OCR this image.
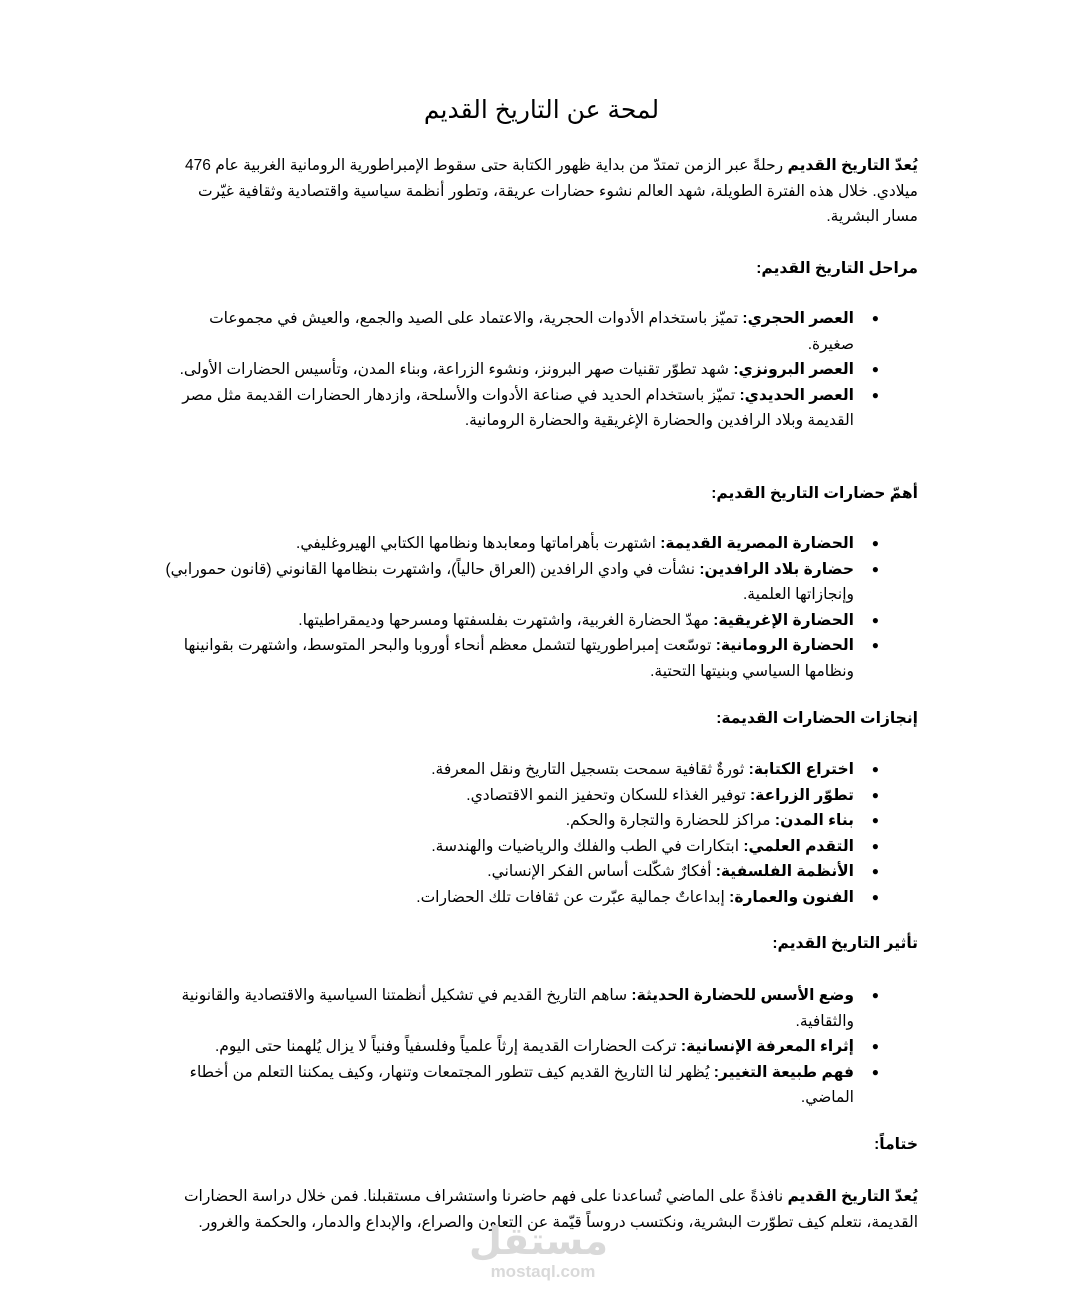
لمحة عن التاريخ القديم

يُعدّ التاريخ القديم رحلةً عبر الزمن تمتدّ من بداية ظهور الكتابة حتى سقوط الإمبراطورية الرومانية الغربية عام 476 ميلادي. خلال هذه الفترة الطويلة، شهد العالم نشوء حضارات عريقة، وتطور أنظمة سياسية واقتصادية وثقافية غيّرت مسار البشرية.

مراحل التاريخ القديم:
●
العصر الحجري: تميّز باستخدام الأدوات الحجرية، والاعتماد على الصيد والجمع، والعيش في مجموعات صغيرة.
●
العصر البرونزي: شهد تطوّر تقنيات صهر البرونز، ونشوء الزراعة، وبناء المدن، وتأسيس الحضارات الأولى.
●
العصر الحديدي: تميّز باستخدام الحديد في صناعة الأدوات والأسلحة، وازدهار الحضارات القديمة مثل مصر القديمة وبلاد الرافدين والحضارة الإغريقية والحضارة الرومانية.
أهمّ حضارات التاريخ القديم:
●
الحضارة المصرية القديمة: اشتهرت بأهراماتها ومعابدها ونظامها الكتابي الهيروغليفي.
●
حضارة بلاد الرافدين: نشأت في وادي الرافدين (العراق حالياً)، واشتهرت بنظامها القانوني (قانون حمورابي) وإنجازاتها العلمية.
●
الحضارة الإغريقية: مهدّ الحضارة الغربية، واشتهرت بفلسفتها ومسرحها وديمقراطيتها.
●
الحضارة الرومانية: توسّعت إمبراطوريتها لتشمل معظم أنحاء أوروبا والبحر المتوسط، واشتهرت بقوانينها ونظامها السياسي وبنيتها التحتية.
إنجازات الحضارات القديمة:
●
اختراع الكتابة: ثورةٌ ثقافية سمحت بتسجيل التاريخ ونقل المعرفة.
●
تطوّر الزراعة: توفير الغذاء للسكان وتحفيز النمو الاقتصادي.
●
بناء المدن: مراكز للحضارة والتجارة والحكم.
●
التقدم العلمي: ابتكارات في الطب والفلك والرياضيات والهندسة.
●
الأنظمة الفلسفية: أفكارٌ شكّلت أساس الفكر الإنساني.
●
الفنون والعمارة: إبداعاتٌ جمالية عبّرت عن ثقافات تلك الحضارات.
تأثير التاريخ القديم:
●
وضع الأسس للحضارة الحديثة: ساهم التاريخ القديم في تشكيل أنظمتنا السياسية والاقتصادية والقانونية والثقافية.
●
إثراء المعرفة الإنسانية: تركت الحضارات القديمة إرثاً علمياً وفلسفياً وفنياً لا يزال يُلهمنا حتى اليوم.
●
فهم طبيعة التغيير: يُظهر لنا التاريخ القديم كيف تتطور المجتمعات وتنهار، وكيف يمكننا التعلم من أخطاء الماضي.
ختاماً:

يُعدّ التاريخ القديم نافذةً على الماضي تُساعدنا على فهم حاضرنا واستشراف مستقبلنا. فمن خلال دراسة الحضارات القديمة، نتعلم كيف تطوّرت البشرية، ونكتسب دروساً قيّمة عن التعاون والصراع، والإبداع والدمار، والحكمة والغرور.

مستقل
mostaql.com
